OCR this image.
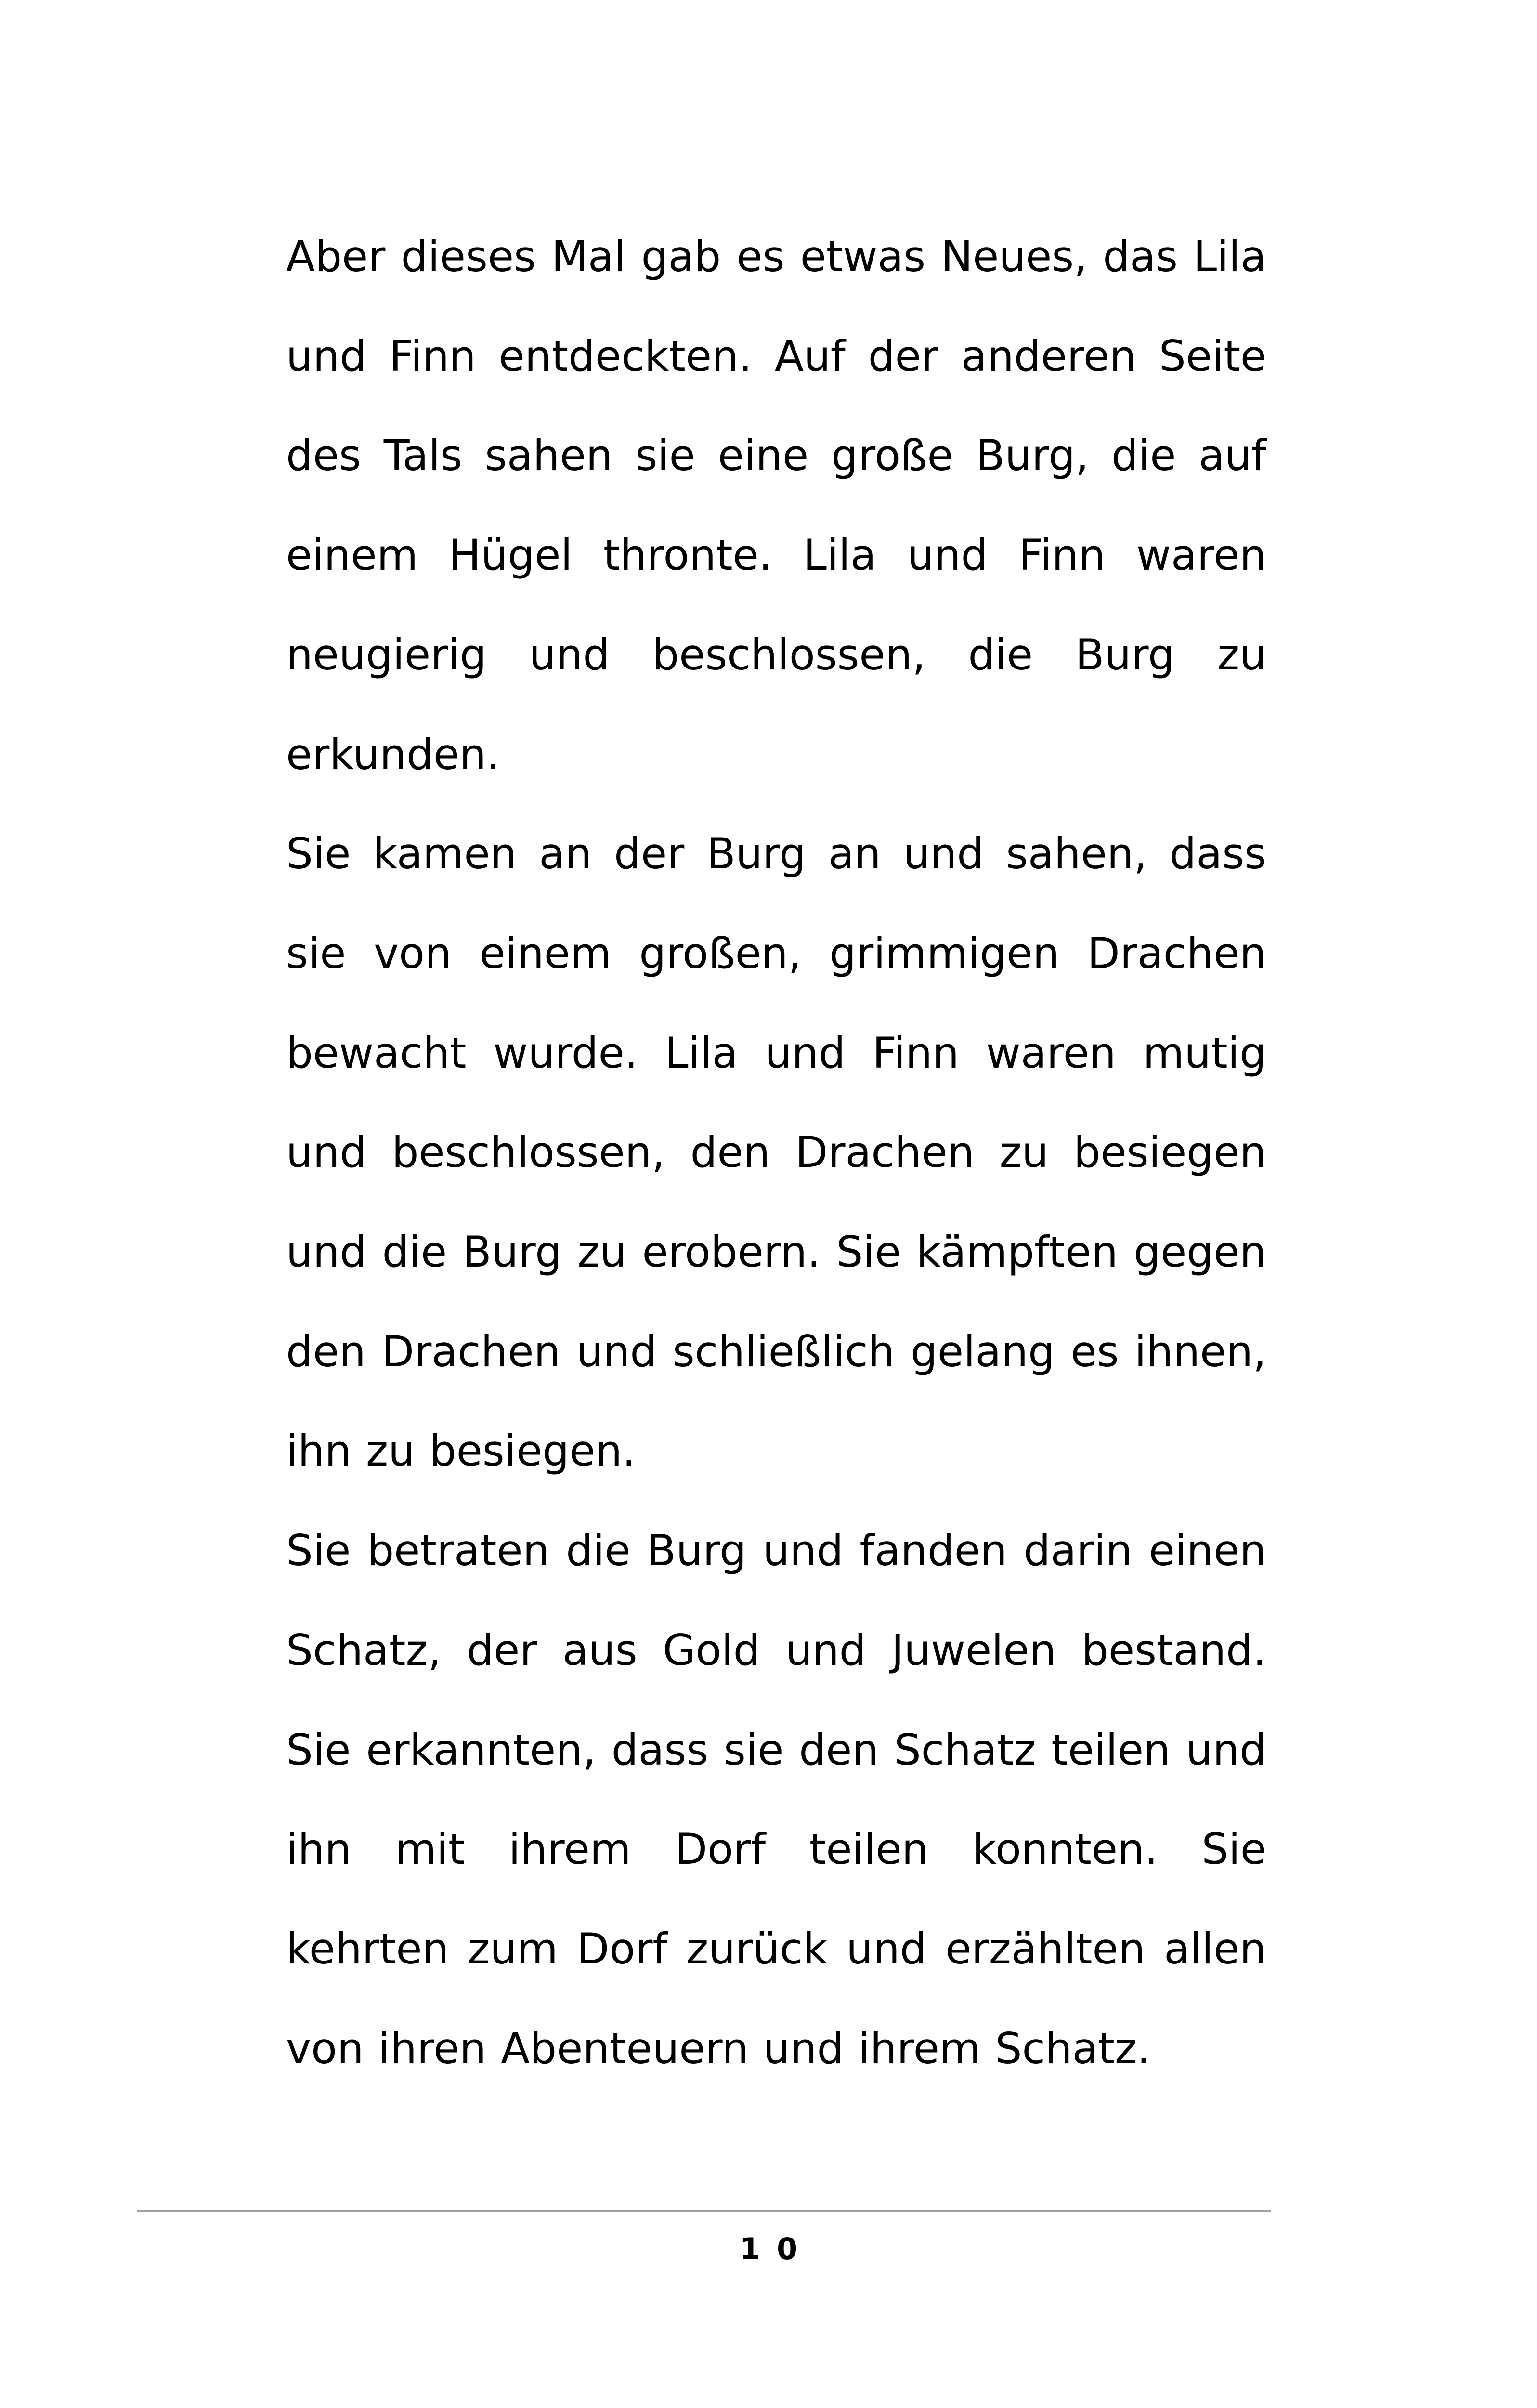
Aber dieses Mal gab es etwas Neues, das Lila und Finn entdeckten. Auf der anderen Seite des Tals sahen sie eine große Burg, die auf einem Hügel thronte. Lila und Finn waren neugierig und beschlossen, die Burg zu erkunden.

Sie kamen an der Burg an und sahen, dass sie von einem großen, grimmigen Drachen bewacht wurde. Lila und Finn waren mutig und beschlossen, den Drachen zu besiegen und die Burg zu erobern. Sie kämpften gegen den Drachen und schließlich gelang es ihnen, ihn zu besiegen.

Sie betraten die Burg und fanden darin einen Schatz, der aus Gold und Juwelen bestand. Sie erkannten, dass sie den Schatz teilen und ihn mit ihrem Dorf teilen konnten. Sie kehrten zum Dorf zurück und erzählten allen von ihren Abenteuern und ihrem Schatz.

10
